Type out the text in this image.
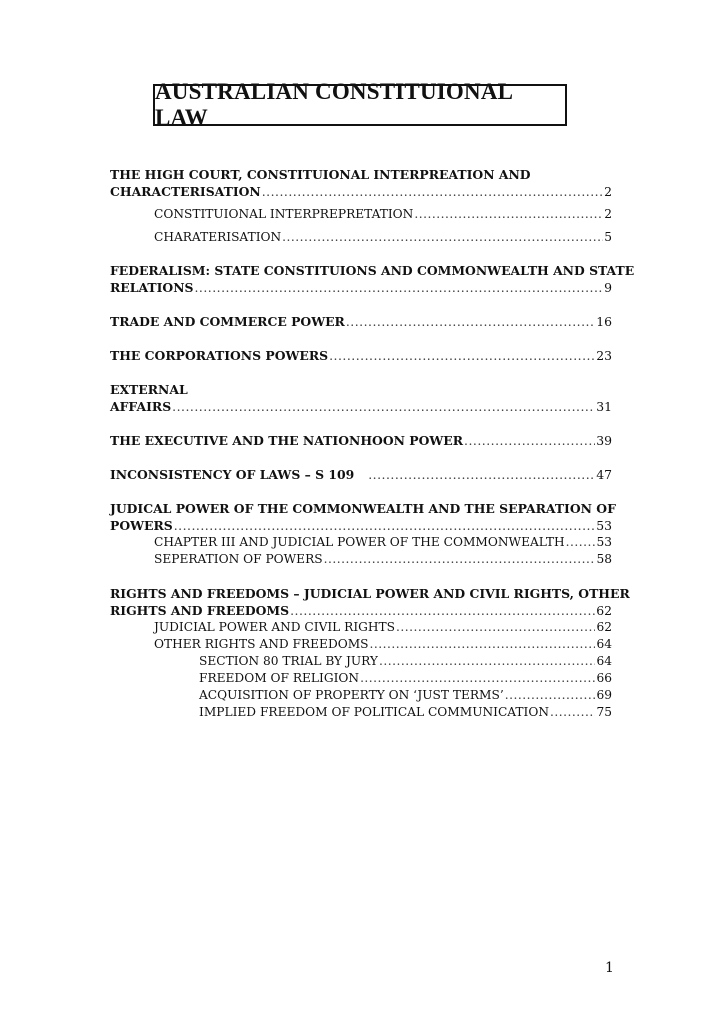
AUSTRALIAN CONSTITUIONAL LAW
THE HIGH COURT, CONSTITUIONAL INTERPREATION AND
CHARACTERISATION .....	2
CONSTITUIONAL INTERPREPRETATION .....	2
CHARATERISATION .....	5
FEDERALISM: STATE CONSTITUIONS AND COMMONWEALTH AND STATE
RELATIONS .....	9
TRADE AND COMMERCE POWER .....	16
THE CORPORATIONS POWERS .....	23
EXTERNAL
AFFAIRS .....	31
THE EXECUTIVE AND THE NATIONHOON POWER .....	39
INCONSISTENCY OF LAWS – S 109 .....	47
JUDICAL POWER OF THE COMMONWEALTH AND THE SEPARATION OF
POWERS .....	53
CHAPTER III AND JUDICIAL POWER OF THE COMMONWEALTH .....	53
SEPERATION OF POWERS .....	58
RIGHTS AND FREEDOMS – JUDICIAL POWER AND CIVIL RIGHTS, OTHER
RIGHTS AND FREEDOMS .....	62
JUDICIAL POWER AND CIVIL RIGHTS .....	62
OTHER RIGHTS AND FREEDOMS .....	64
SECTION 80 TRIAL BY JURY .....	64
FREEDOM OF RELIGION .....	66
ACQUISITION OF PROPERTY ON ‘JUST TERMS’ .....	69
IMPLIED FREEDOM OF POLITICAL COMMUNICATION .....	75
1
